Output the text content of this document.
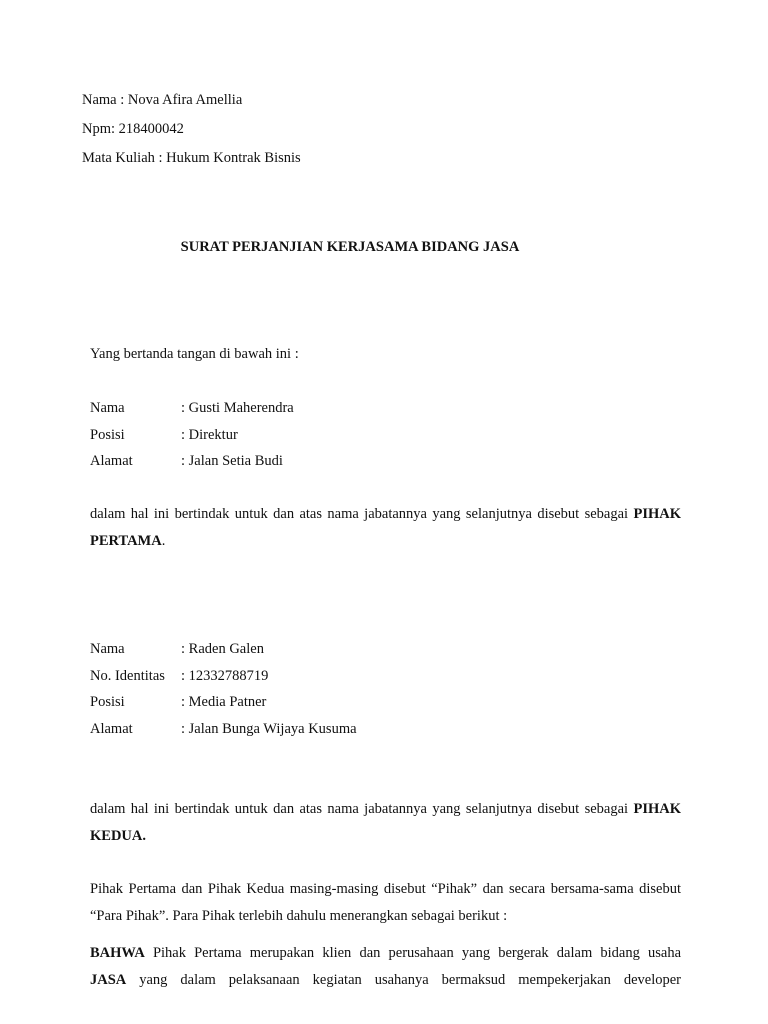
Nama : Nova Afira Amellia
Npm: 218400042
Mata Kuliah : Hukum Kontrak Bisnis
SURAT PERJANJIAN KERJASAMA BIDANG JASA
Yang bertanda tangan di bawah ini :
Nama	: Gusti Maherendra
Posisi	: Direktur
Alamat	: Jalan Setia Budi
dalam hal ini bertindak untuk dan atas nama jabatannya yang selanjutnya disebut sebagai PIHAK PERTAMA.
Nama	: Raden Galen
No. Identitas : 12332788719
Posisi	: Media Patner
Alamat	: Jalan Bunga Wijaya Kusuma
dalam hal ini bertindak untuk dan atas nama jabatannya yang selanjutnya disebut sebagai PIHAK KEDUA.
Pihak Pertama dan Pihak Kedua masing-masing disebut “Pihak” dan secara bersama-sama disebut “Para Pihak”. Para Pihak terlebih dahulu menerangkan sebagai berikut :
BAHWA Pihak Pertama merupakan klien dan perusahaan yang bergerak dalam bidang usaha
JASA yang dalam pelaksanaan kegiatan usahanya bermaksud mempekerjakan developer
